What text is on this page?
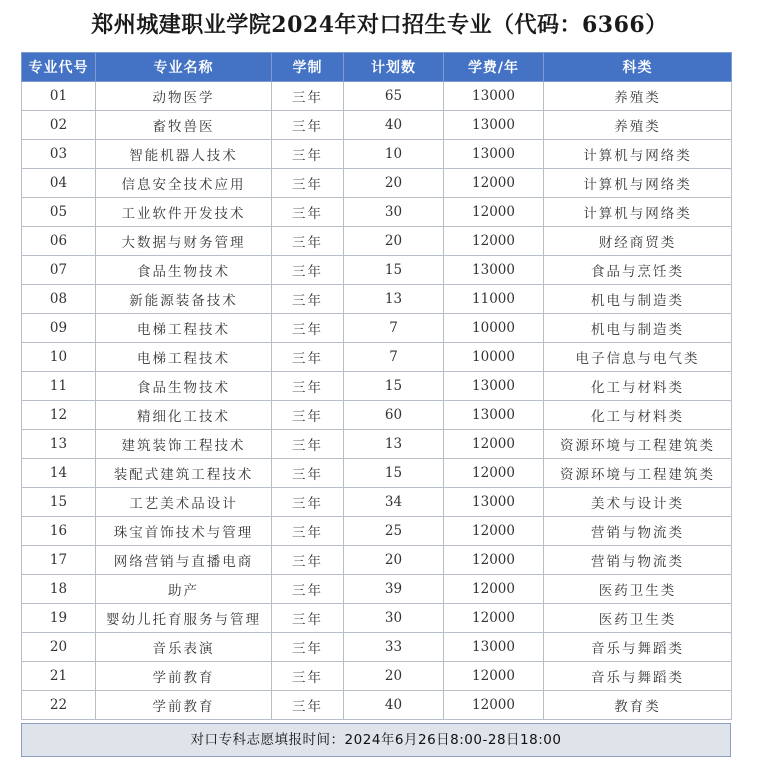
郑州城建职业学院2024年对口招生专业（代码：6366）
专业代号	专业名称	学制	计划数	学费/年	科类
01	动物医学	三年	65	13000	养殖类
02	畜牧兽医	三年	40	13000	养殖类
03	智能机器人技术	三年	10	13000	计算机与网络类
04	信息安全技术应用	三年	20	12000	计算机与网络类
05	工业软件开发技术	三年	30	12000	计算机与网络类
06	大数据与财务管理	三年	20	12000	财经商贸类
07	食品生物技术	三年	15	13000	食品与烹饪类
08	新能源装备技术	三年	13	11000	机电与制造类
09	电梯工程技术	三年	7	10000	机电与制造类
10	电梯工程技术	三年	7	10000	电子信息与电气类
11	食品生物技术	三年	15	13000	化工与材料类
12	精细化工技术	三年	60	13000	化工与材料类
13	建筑装饰工程技术	三年	13	12000	资源环境与工程建筑类
14	装配式建筑工程技术	三年	15	12000	资源环境与工程建筑类
15	工艺美术品设计	三年	34	13000	美术与设计类
16	珠宝首饰技术与管理	三年	25	12000	营销与物流类
17	网络营销与直播电商	三年	20	12000	营销与物流类
18	助产	三年	39	12000	医药卫生类
19	婴幼儿托育服务与管理	三年	30	12000	医药卫生类
20	音乐表演	三年	33	13000	音乐与舞蹈类
21	学前教育	三年	20	12000	音乐与舞蹈类
22	学前教育	三年	40	12000	教育类
对口专科志愿填报时间：2024年6月26日8:00-28日18:00
